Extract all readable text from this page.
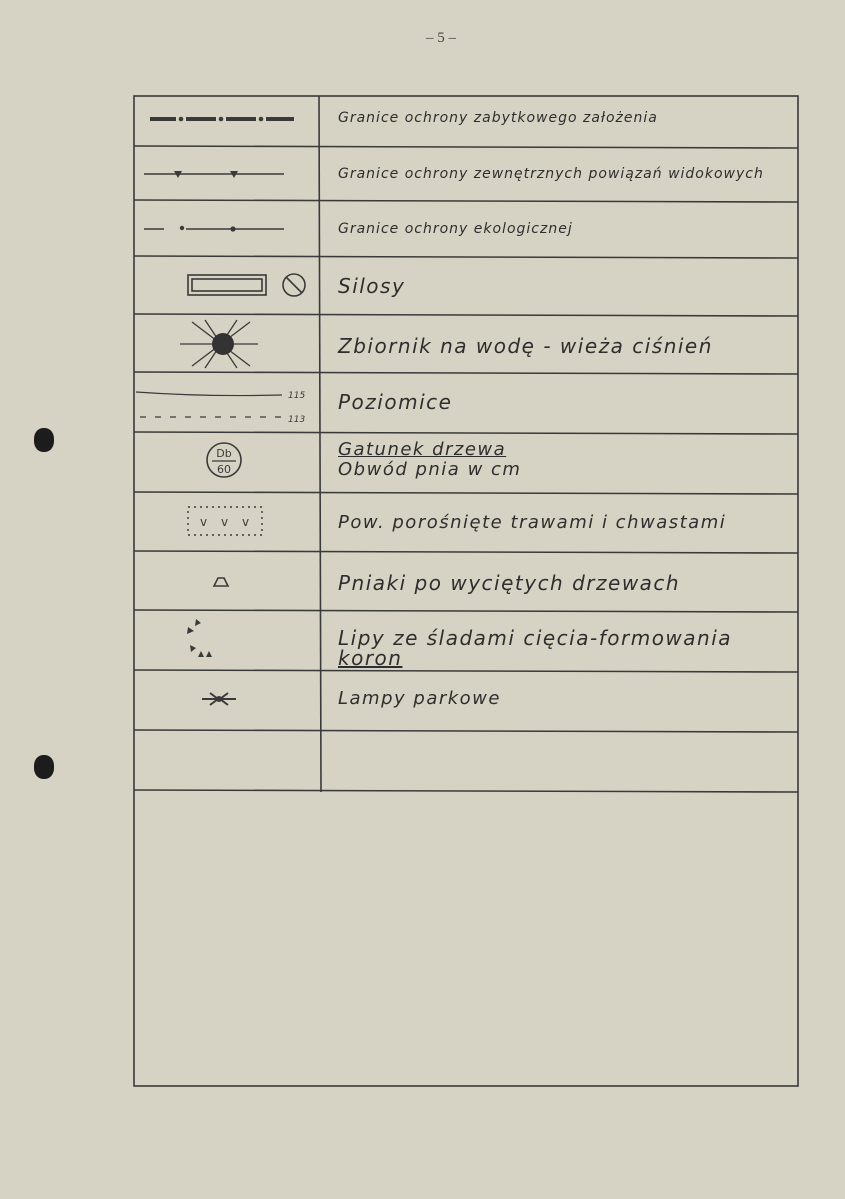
– 5 –
115
113
Db
60
v v v
Granice ochrony zabytkowego założenia
Granice ochrony zewnętrznych powiązań widokowych
Granice ochrony ekologicznej
Silosy
Zbiornik na wodę - wieża ciśnień
Poziomice
Gatunek drzewa
Obwód pnia w cm
Pow. porośnięte trawami i chwastami
Pniaki po wyciętych drzewach
Lipy ze śladami cięcia-formowania
koron
Lampy parkowe
